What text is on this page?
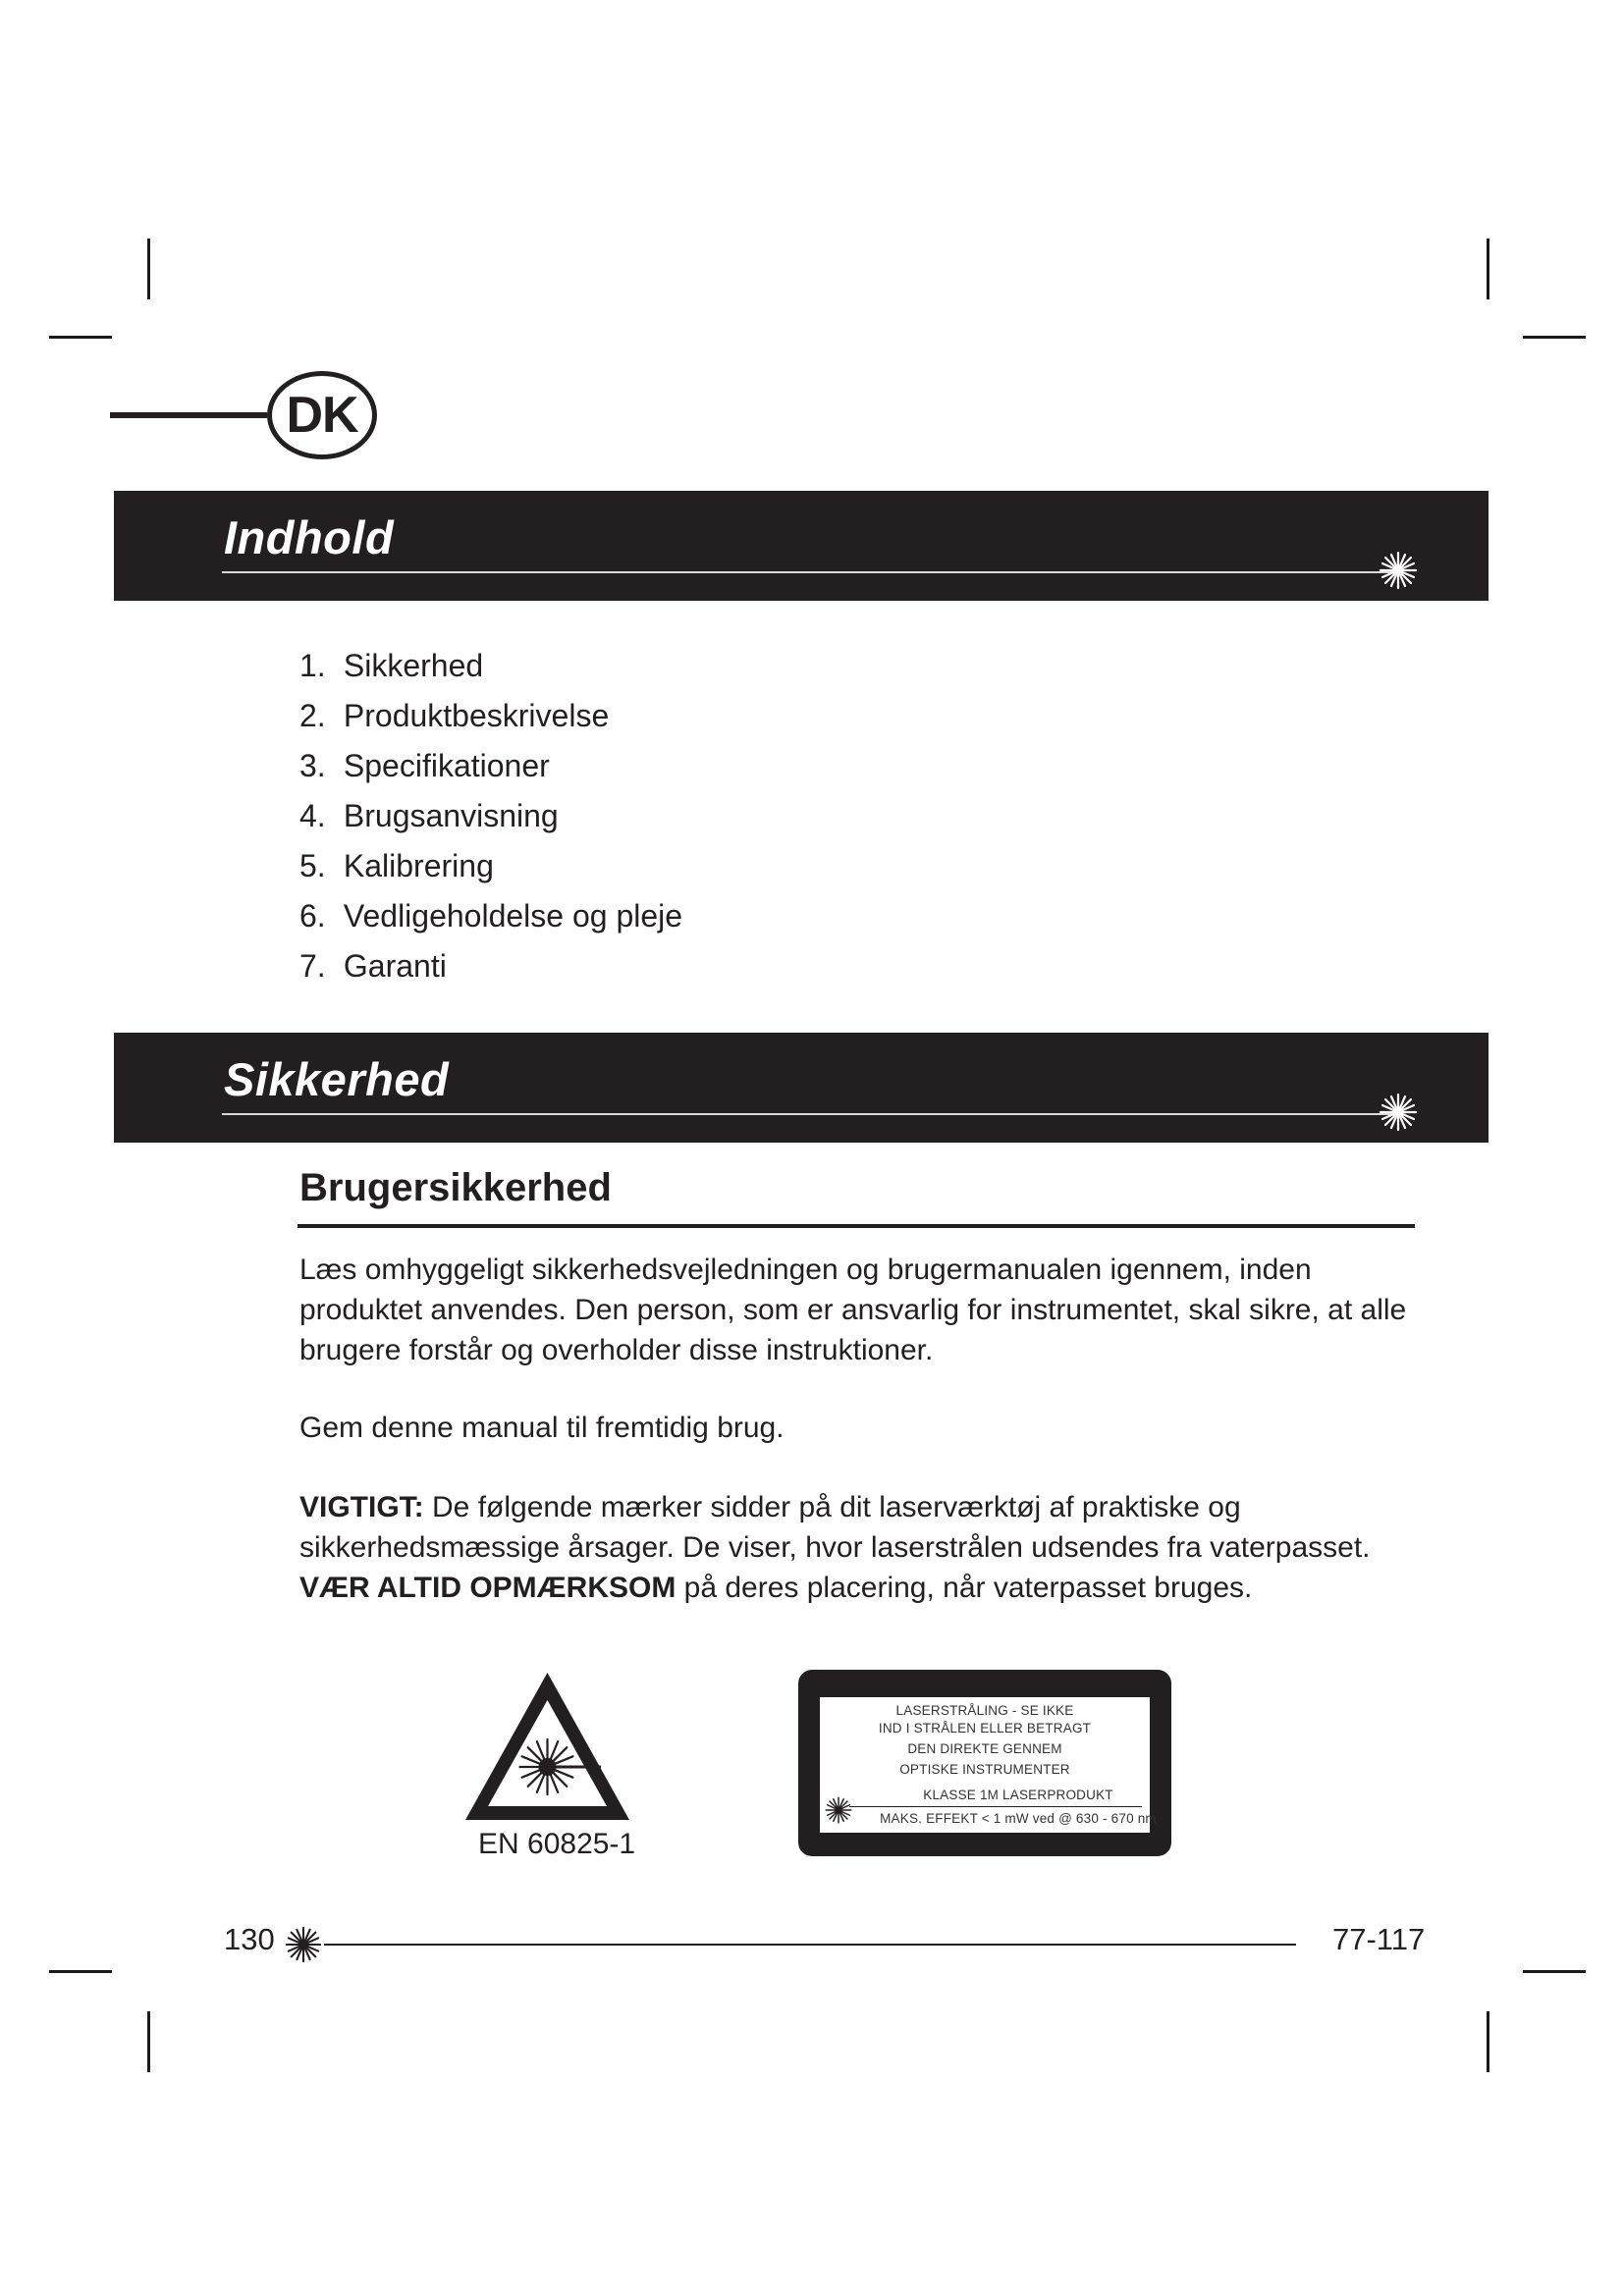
DK
Indhold
1. Sikkerhed
2. Produktbeskrivelse
3. Specifikationer
4. Brugsanvisning
5. Kalibrering
6. Vedligeholdelse og pleje
7. Garanti
Sikkerhed
Brugersikkerhed

Læs omhyggeligt sikkerhedsvejledningen og brugermanualen igennem, inden produktet anvendes. Den person, som er ansvarlig for instrumentet, skal sikre, at alle brugere forstår og overholder disse instruktioner.

Gem denne manual til fremtidig brug.

VIGTIGT: De følgende mærker sidder på dit laserværktøj af praktiske og sikkerhedsmæssige årsager. De viser, hvor laserstrålen udsendes fra vaterpasset. VÆR ALTID OPMÆRKSOM på deres placering, når vaterpasset bruges.

EN 60825-1
LASERSTRÅLING - SE IKKE
IND I STRÅLEN ELLER BETRAGT
DEN DIREKTE GENNEM
OPTISKE INSTRUMENTER
KLASSE 1M LASERPRODUKT
MAKS. EFFEKT < 1 mW ved @ 630 - 670 nm
130	77-117
